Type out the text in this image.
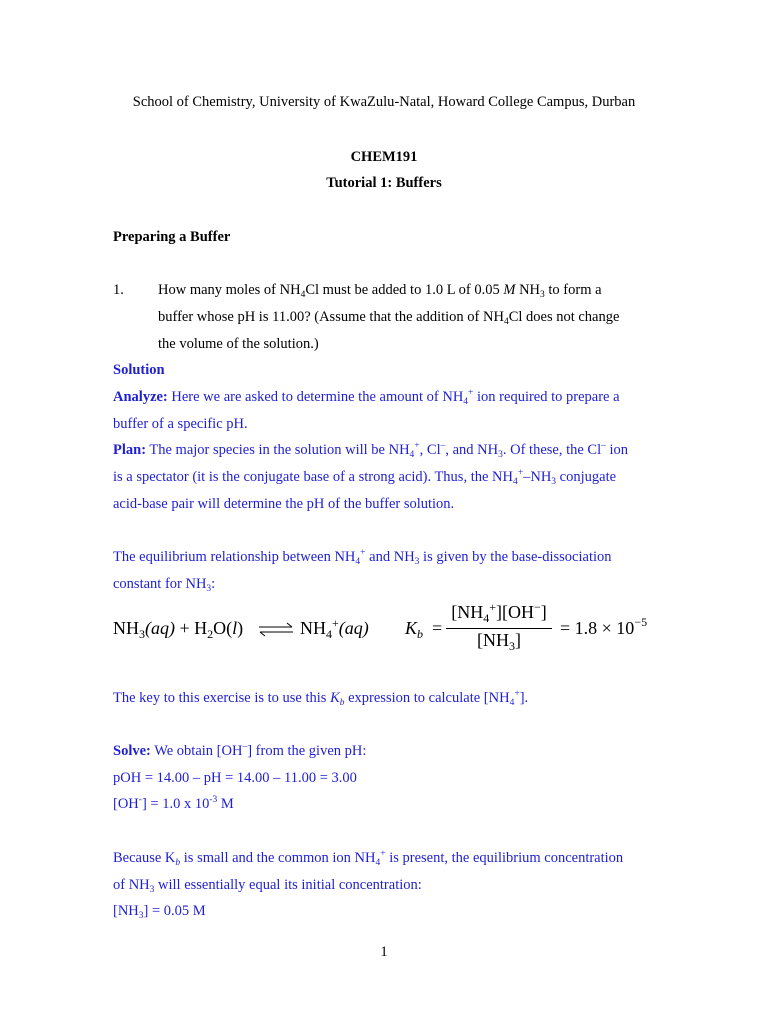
School of Chemistry, University of KwaZulu-Natal, Howard College Campus, Durban
CHEM191
Tutorial 1: Buffers
Preparing a Buffer
1. How many moles of $NH_4Cl$ must be added to 1.0 L of 0.05 M $NH_3$ to form a
buffer whose pH is 11.00? (Assume that the addition of $NH_4Cl$ does not change
the volume of the solution.)
Solution
Analyze: Here we are asked to determine the amount of $NH_4^+$ ion required to prepare a
buffer of a specific pH.
Plan: The major species in the solution will be $NH_4^+$, Cl–, and $NH_3$. Of these, the Cl– ion
is a spectator (it is the conjugate base of a strong acid). Thus, the $NH_4^+-NH_3$ conjugate
acid-base pair will determine the pH of the buffer solution.
The equilibrium relationship between $NH_4^+$ and $NH_3$ is given by the base-dissociation
constant for $NH_3$:
$NH_3(aq) + H_2O(l)$ ⇌ $NH_4^+(aq) K_b$ =
$[NH_4^+][OH^-]$
$[NH_3]$
= $1.8 \times 10^{-5}$
The key to this exercise is to use this $K_b$ expression to calculate $[NH_4^+]$.
Solve: We obtain [OH–] from the given pH:
pOH = 14.00 – pH = 14.00 – 11.00 = 3.00
[OH-] = 1.0 x $10^{-3}$ M
Because $K_b$ is small and the common ion $NH_4^+$ is present, the equilibrium concentration
of $NH_3$ will essentially equal its initial concentration:
$[NH_3] = 0.05$ M
1
